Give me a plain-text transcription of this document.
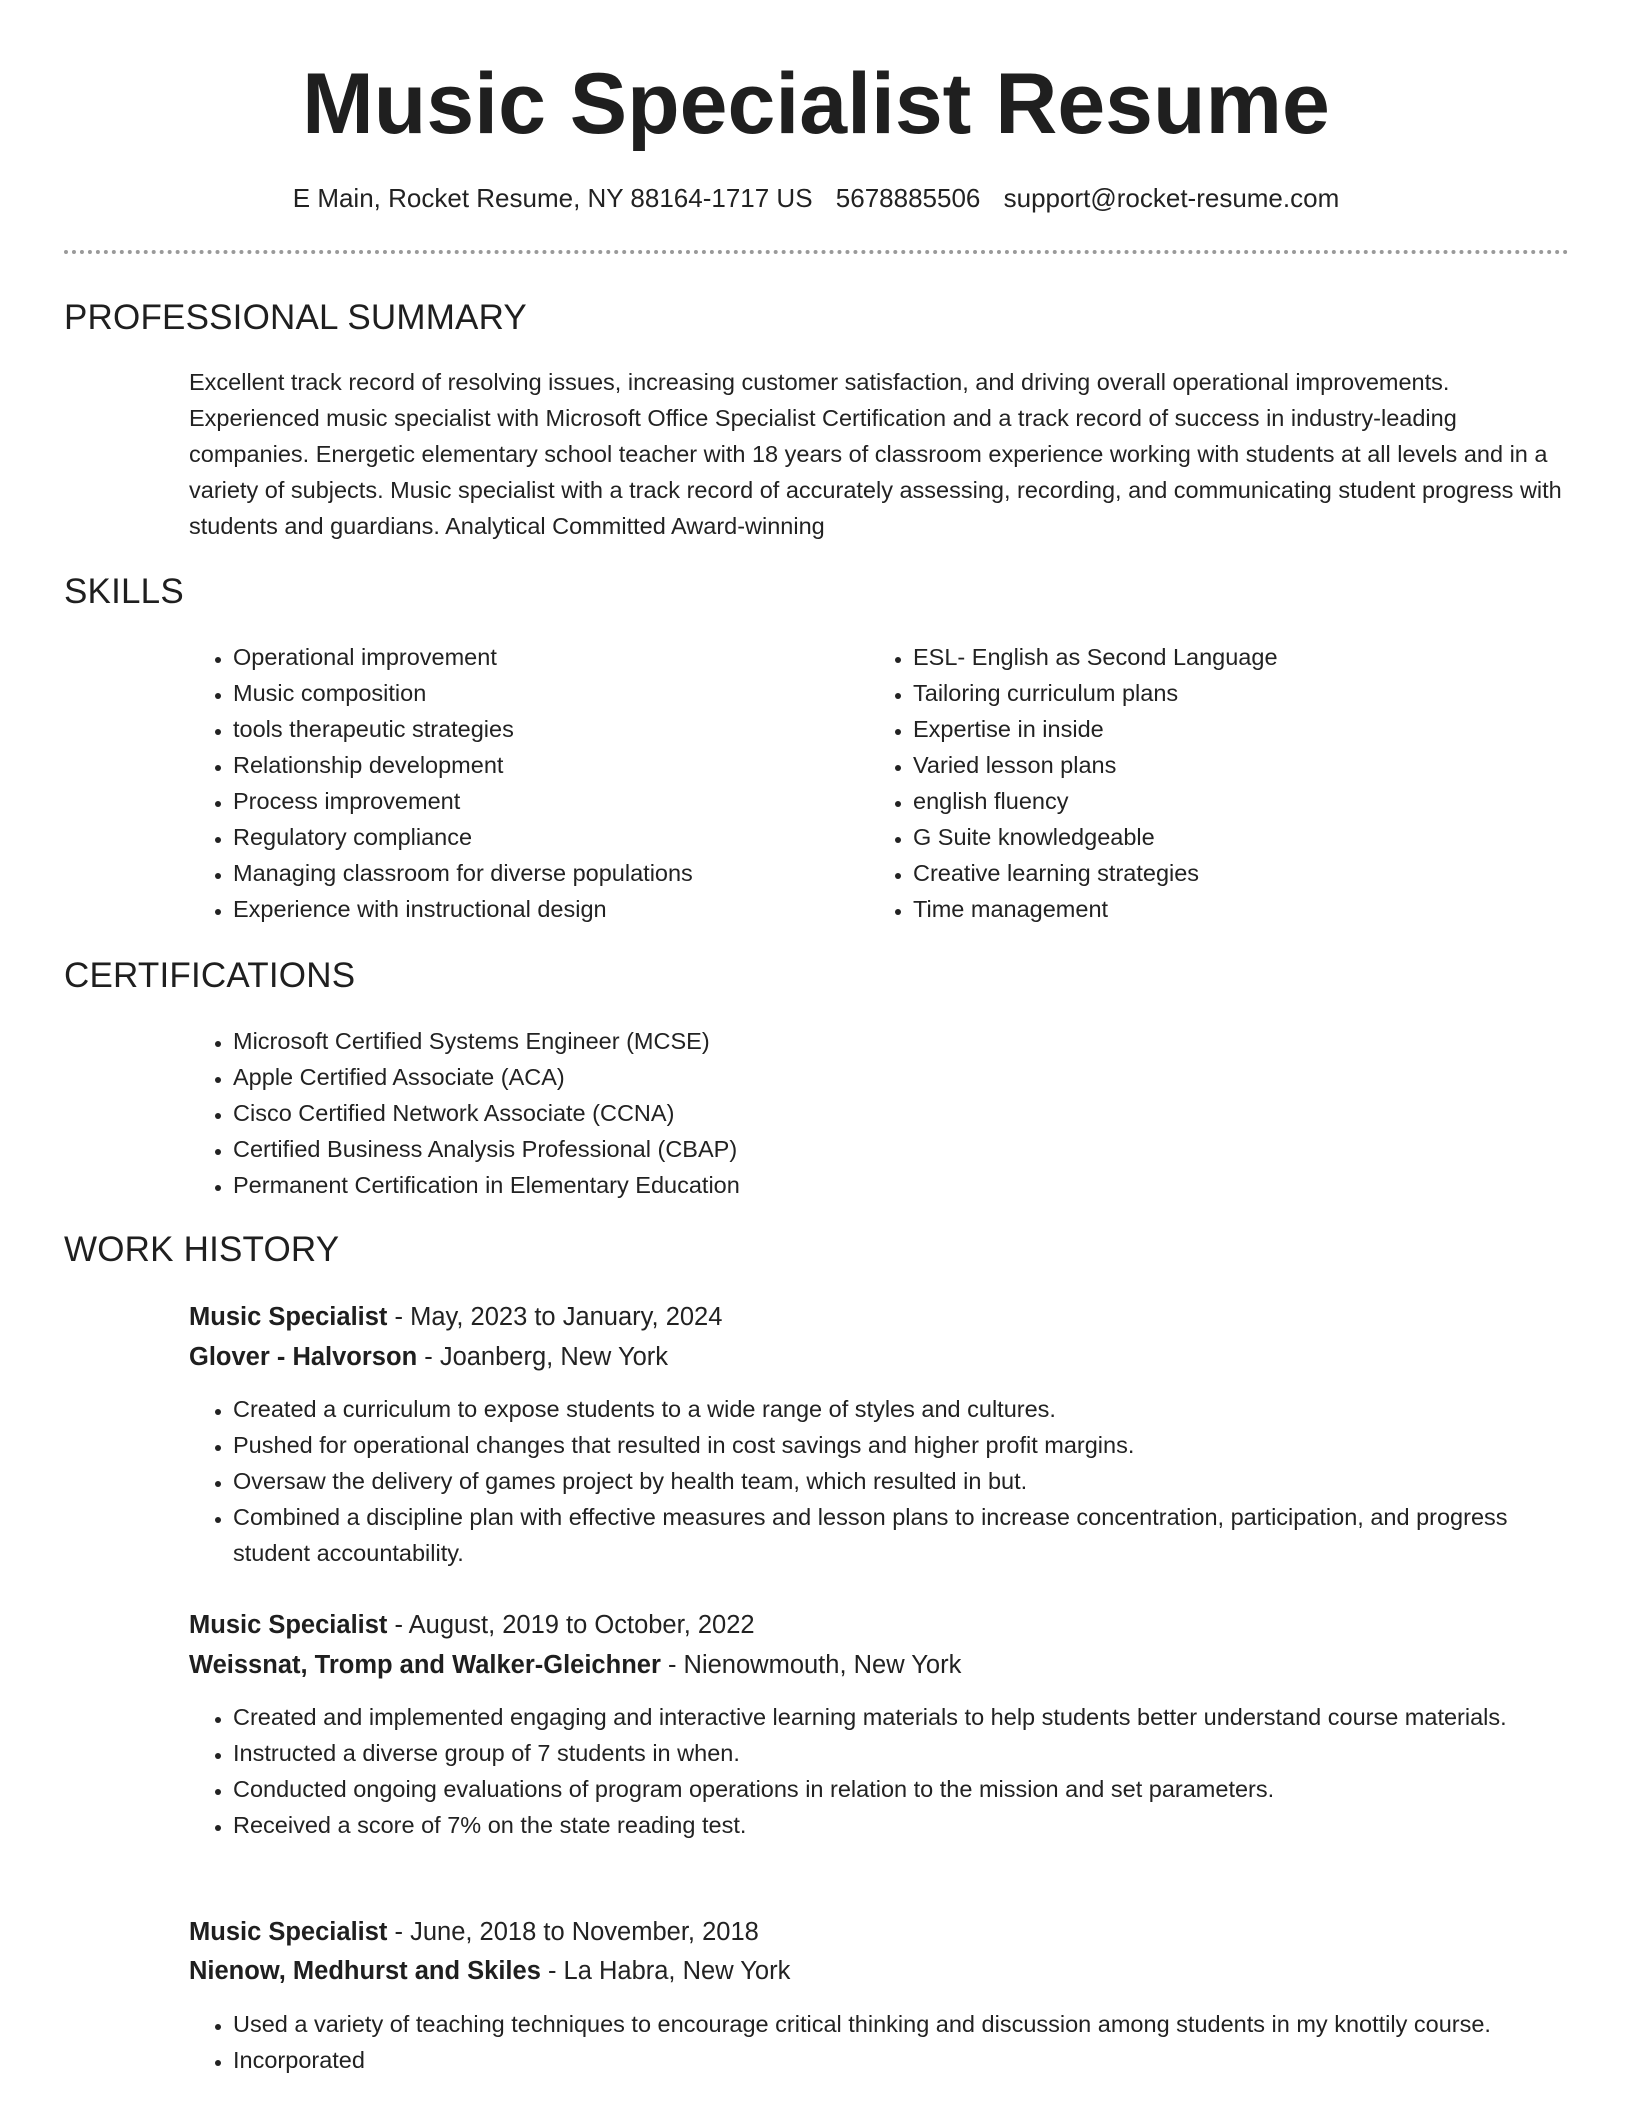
Music Specialist Resume
E Main, Rocket Resume, NY 88164-1717 US 5678885506 support@rocket-resume.com
PROFESSIONAL SUMMARY

Excellent track record of resolving issues, increasing customer satisfaction, and driving overall operational improvements. Experienced music specialist with Microsoft Office Specialist Certification and a track record of success in industry-leading companies. Energetic elementary school teacher with 18 years of classroom experience working with students at all levels and in a variety of subjects. Music specialist with a track record of accurately assessing, recording, and communicating student progress with students and guardians. Analytical Committed Award-winning

SKILLS
• Operational improvement
• Music composition
• tools therapeutic strategies
• Relationship development
• Process improvement
• Regulatory compliance
• Managing classroom for diverse populations
• Experience with instructional design
• ESL- English as Second Language
• Tailoring curriculum plans
• Expertise in inside
• Varied lesson plans
• english fluency
• G Suite knowledgeable
• Creative learning strategies
• Time management
CERTIFICATIONS
• Microsoft Certified Systems Engineer (MCSE)
• Apple Certified Associate (ACA)
• Cisco Certified Network Associate (CCNA)
• Certified Business Analysis Professional (CBAP)
• Permanent Certification in Elementary Education
WORK HISTORY
Music Specialist - May, 2023 to January, 2024
Glover - Halvorson - Joanberg, New York
• Created a curriculum to expose students to a wide range of styles and cultures.
• Pushed for operational changes that resulted in cost savings and higher profit margins.
• Oversaw the delivery of games project by health team, which resulted in but.
• Combined a discipline plan with effective measures and lesson plans to increase concentration, participation, and progress student accountability.
Music Specialist - August, 2019 to October, 2022
Weissnat, Tromp and Walker-Gleichner - Nienowmouth, New York
• Created and implemented engaging and interactive learning materials to help students better understand course materials.
• Instructed a diverse group of 7 students in when.
• Conducted ongoing evaluations of program operations in relation to the mission and set parameters.
• Received a score of 7% on the state reading test.
Music Specialist - June, 2018 to November, 2018
Nienow, Medhurst and Skiles - La Habra, New York
• Used a variety of teaching techniques to encourage critical thinking and discussion among students in my knottily course.
• Incorporated
